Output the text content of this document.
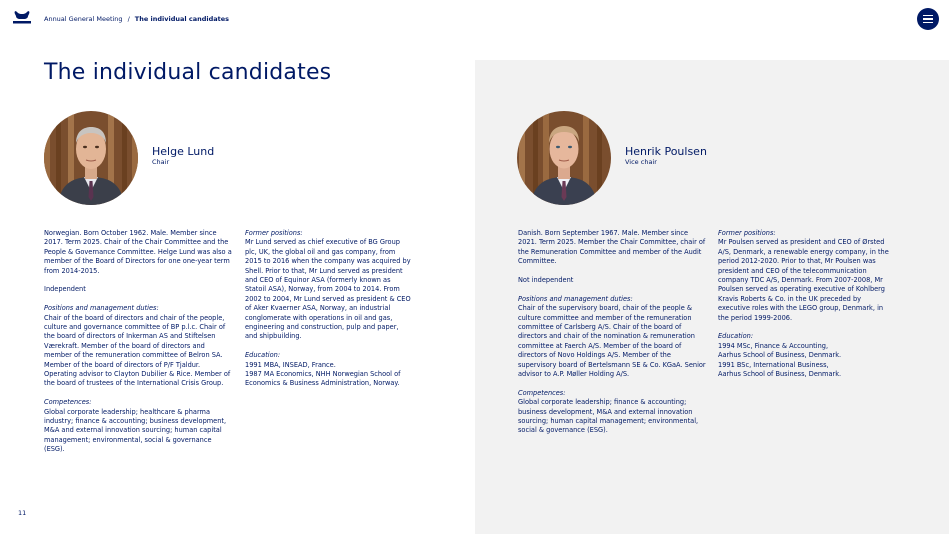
Annual General Meeting / The individual candidates
The individual candidates
Helge Lund
Chair

Norwegian. Born October 1962. Male. Member since 2017. Term 2025. Chair of the Chair Committee and the People & Governance Committee. Helge Lund was also a member of the Board of Directors for one one-year term from 2014-2015.

Independent

Positions and management duties:

Chair of the board of directors and chair of the people, culture and governance committee of BP p.l.c. Chair of the board of directors of Inkerman AS and Stiftelsen Værekraft. Member of the board of directors and member of the remuneration committee of Belron SA. Member of the board of directors of P/F Tjaldur. Operating advisor to Clayton Dubilier & Rice. Member of the board of trustees of the International Crisis Group.

Competences:

Global corporate leadership; healthcare & pharma industry; finance & accounting; business development, M&A and external innovation sourcing; human capital management; environmental, social & governance (ESG).

Former positions:

Mr Lund served as chief executive of BG Group plc, UK, the global oil and gas company, from 2015 to 2016 when the company was acquired by Shell. Prior to that, Mr Lund served as president and CEO of Equinor ASA (formerly known as Statoil ASA), Norway, from 2004 to 2014. From 2002 to 2004, Mr Lund served as president & CEO of Aker Kvaerner ASA, Norway, an industrial conglomerate with operations in oil and gas, engineering and construction, pulp and paper, and shipbuilding.

Education:

1991 MBA, INSEAD, France.

1987 MA Economics, NHH Norwegian School of Economics & Business Administration, Norway.

Henrik Poulsen
Vice chair

Danish. Born September 1967. Male. Member since 2021. Term 2025. Member the Chair Committee, chair of the Remuneration Committee and member of the Audit Committee.

Not independent

Positions and management duties:

Chair of the supervisory board, chair of the people & culture committee and member of the remuneration committee of Carlsberg A/S. Chair of the board of directors and chair of the nomination & remuneration committee at Faerch A/S. Member of the board of directors of Novo Holdings A/S. Member of the supervisory board of Bertelsmann SE & Co. KGaA. Senior advisor to A.P. Møller Holding A/S.

Competences:

Global corporate leadership; finance & accounting; business development, M&A and external innovation sourcing; human capital management; environmental, social & governance (ESG).

Former positions:

Mr Poulsen served as president and CEO of Ørsted A/S, Denmark, a renewable energy company, in the period 2012-2020. Prior to that, Mr Poulsen was president and CEO of the telecommunication company TDC A/S, Denmark. From 2007-2008, Mr Poulsen served as operating executive of Kohlberg Kravis Roberts & Co. in the UK preceded by executive roles with the LEGO group, Denmark, in the period 1999-2006.

Education:

1994 MSc, Finance & Accounting,

Aarhus School of Business, Denmark.

1991 BSc, International Business,

Aarhus School of Business, Denmark.

11
